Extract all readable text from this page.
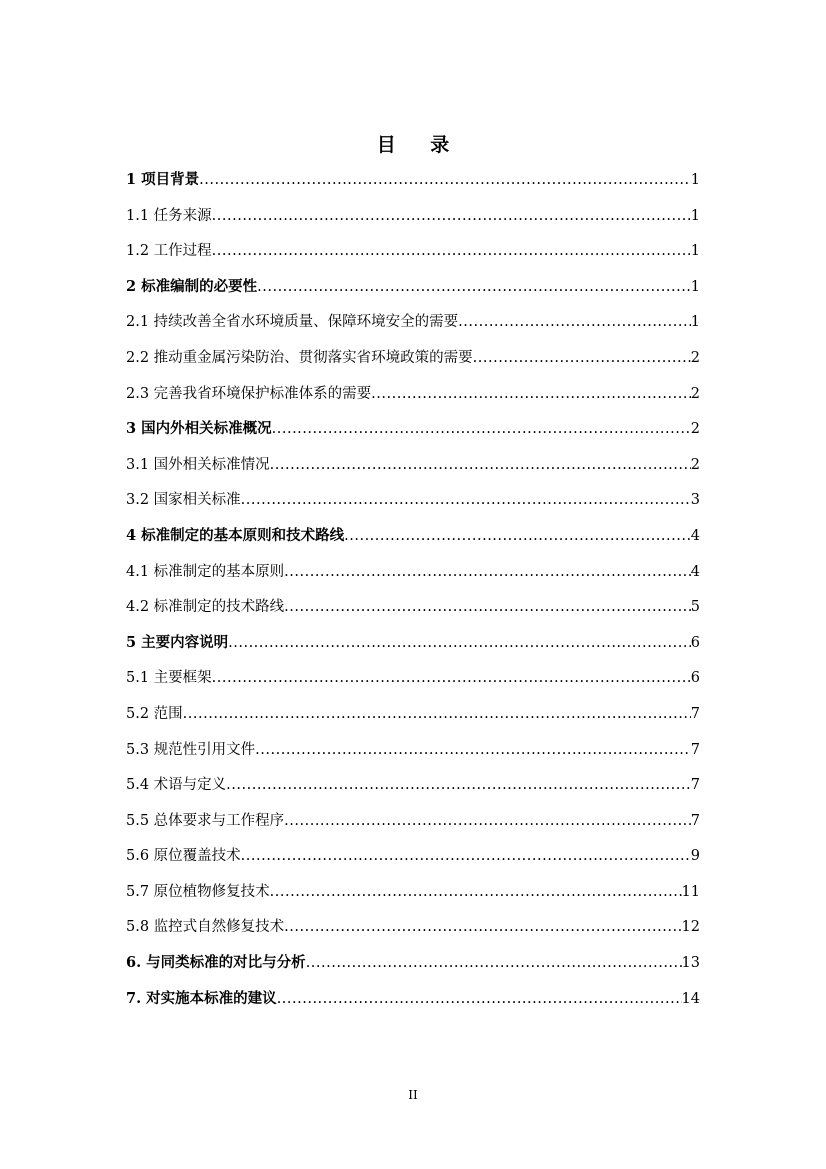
目 录
1 项目背景 .....	1
1.1 任务来源 .....	1
1.2 工作过程 .....	1
2 标准编制的必要性 .....	1
2.1 持续改善全省水环境质量、保障环境安全的需要 .....	1
2.2 推动重金属污染防治、贯彻落实省环境政策的需要 .....	2
2.3 完善我省环境保护标准体系的需要 .....	2
3 国内外相关标准概况 .....	2
3.1 国外相关标准情况 .....	2
3.2 国家相关标准 .....	3
4 标准制定的基本原则和技术路线 .....	4
4.1 标准制定的基本原则 .....	4
4.2 标准制定的技术路线 .....	5
5 主要内容说明 .....	6
5.1 主要框架 .....	6
5.2 范围 .....	7
5.3 规范性引用文件 .....	7
5.4 术语与定义 .....	7
5.5 总体要求与工作程序 .....	7
5.6 原位覆盖技术 .....	9
5.7 原位植物修复技术 .....	11
5.8 监控式自然修复技术 .....	12
6. 与同类标准的对比与分析 .....	13
7. 对实施本标准的建议 .....	14
II
